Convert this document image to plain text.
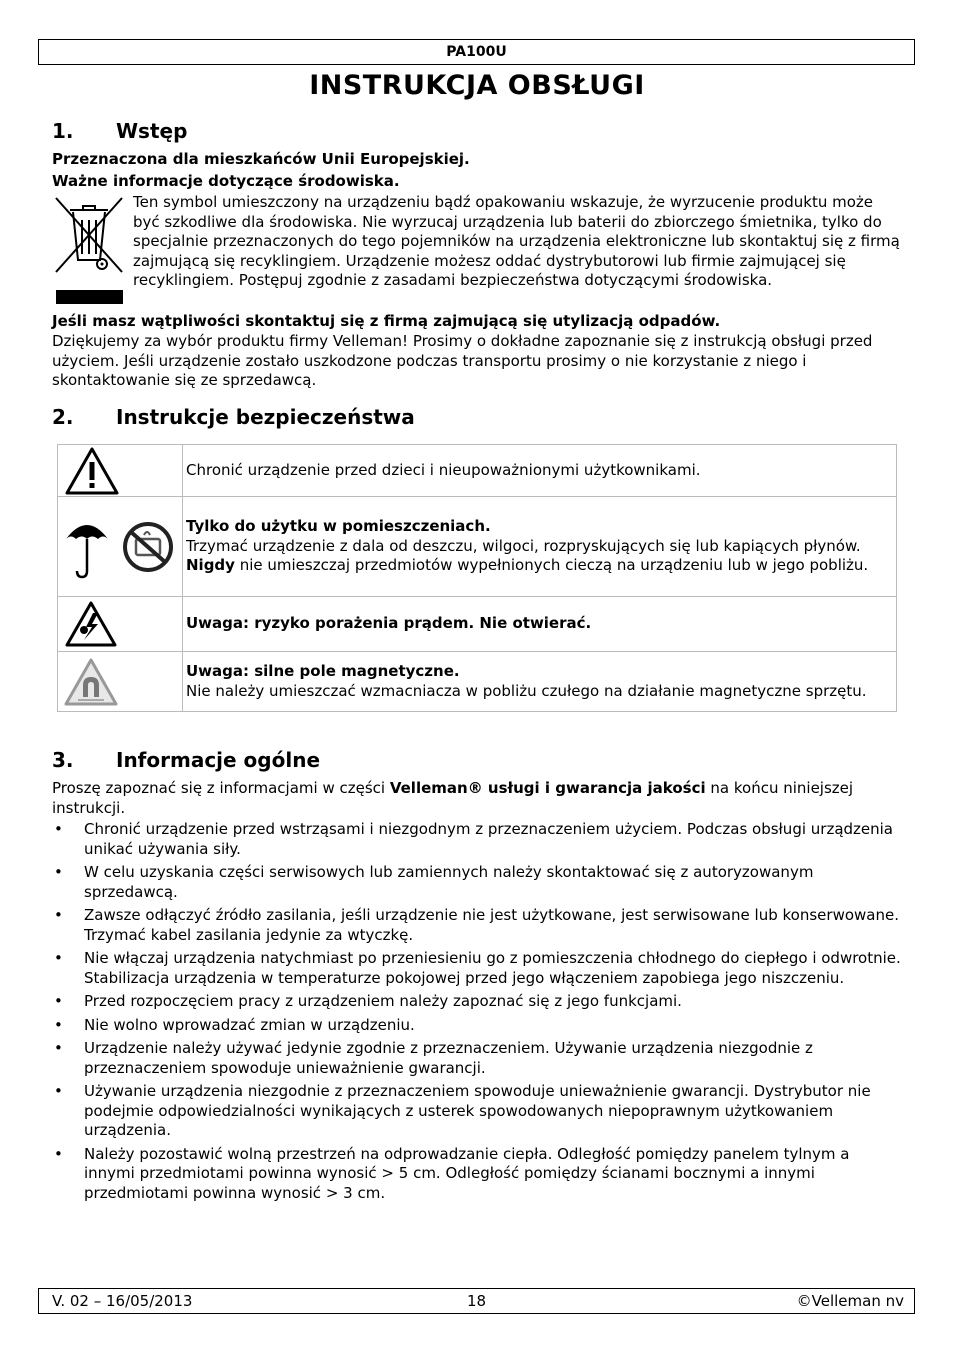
PA100U
INSTRUKCJA OBSŁUGI
1. Wstęp
Przeznaczona dla mieszkańców Unii Europejskiej.
Ważne informacje dotyczące środowiska.
Ten symbol umieszczony na urządzeniu bądź opakowaniu wskazuje, że wyrzucenie produktu może być szkodliwe dla środowiska. Nie wyrzucaj urządzenia lub baterii do zbiorczego śmietnika, tylko do specjalnie przeznaczonych do tego pojemników na urządzenia elektroniczne lub skontaktuj się z firmą zajmującą się recyklingiem. Urządzenie możesz oddać dystrybutorowi lub firmie zajmującej się recyklingiem. Postępuj zgodnie z zasadami bezpieczeństwa dotyczącymi środowiska.
Jeśli masz wątpliwości skontaktuj się z firmą zajmującą się utylizacją odpadów.
Dziękujemy za wybór produktu firmy Velleman! Prosimy o dokładne zapoznanie się z instrukcją obsługi przed użyciem. Jeśli urządzenie zostało uszkodzone podczas transportu prosimy o nie korzystanie z niego i skontaktowanie się ze sprzedawcą.
2. Instrukcje bezpieczeństwa
	Chronić urządzenie przed dzieci i nieupoważnionymi użytkownikami.

Tylko do użytku w pomieszczeniach.
Trzymać urządzenie z dala od deszczu, wilgoci, rozpryskujących się lub kapiących płynów.
Nigdy nie umieszczaj przedmiotów wypełnionych cieczą na urządzeniu lub w jego pobliżu.

	Uwaga: ryzyko porażenia prądem. Nie otwierać.

Uwaga: silne pole magnetyczne.
Nie należy umieszczać wzmacniacza w pobliżu czułego na działanie magnetyczne sprzętu.
3. Informacje ogólne
Proszę zapoznać się z informacjami w części Velleman® usługi i gwarancja jakości na końcu niniejszej instrukcji.
• Chronić urządzenie przed wstrząsami i niezgodnym z przeznaczeniem użyciem. Podczas obsługi urządzenia unikać używania siły.
• W celu uzyskania części serwisowych lub zamiennych należy skontaktować się z autoryzowanym sprzedawcą.
• Zawsze odłączyć źródło zasilania, jeśli urządzenie nie jest użytkowane, jest serwisowane lub konserwowane. Trzymać kabel zasilania jedynie za wtyczkę.
• Nie włączaj urządzenia natychmiast po przeniesieniu go z pomieszczenia chłodnego do ciepłego i odwrotnie. Stabilizacja urządzenia w temperaturze pokojowej przed jego włączeniem zapobiega jego niszczeniu.
• Przed rozpoczęciem pracy z urządzeniem należy zapoznać się z jego funkcjami.
• Nie wolno wprowadzać zmian w urządzeniu.
• Urządzenie należy używać jedynie zgodnie z przeznaczeniem. Używanie urządzenia niezgodnie z przeznaczeniem spowoduje unieważnienie gwarancji.
• Używanie urządzenia niezgodnie z przeznaczeniem spowoduje unieważnienie gwarancji. Dystrybutor nie podejmie odpowiedzialności wynikających z usterek spowodowanych niepoprawnym użytkowaniem urządzenia.
• Należy pozostawić wolną przestrzeń na odprowadzanie ciepła. Odległość pomiędzy panelem tylnym a innymi przedmiotami powinna wynosić > 5 cm. Odległość pomiędzy ścianami bocznymi a innymi przedmiotami powinna wynosić > 3 cm.
18
V. 02 – 16/05/2013	©Velleman nv
